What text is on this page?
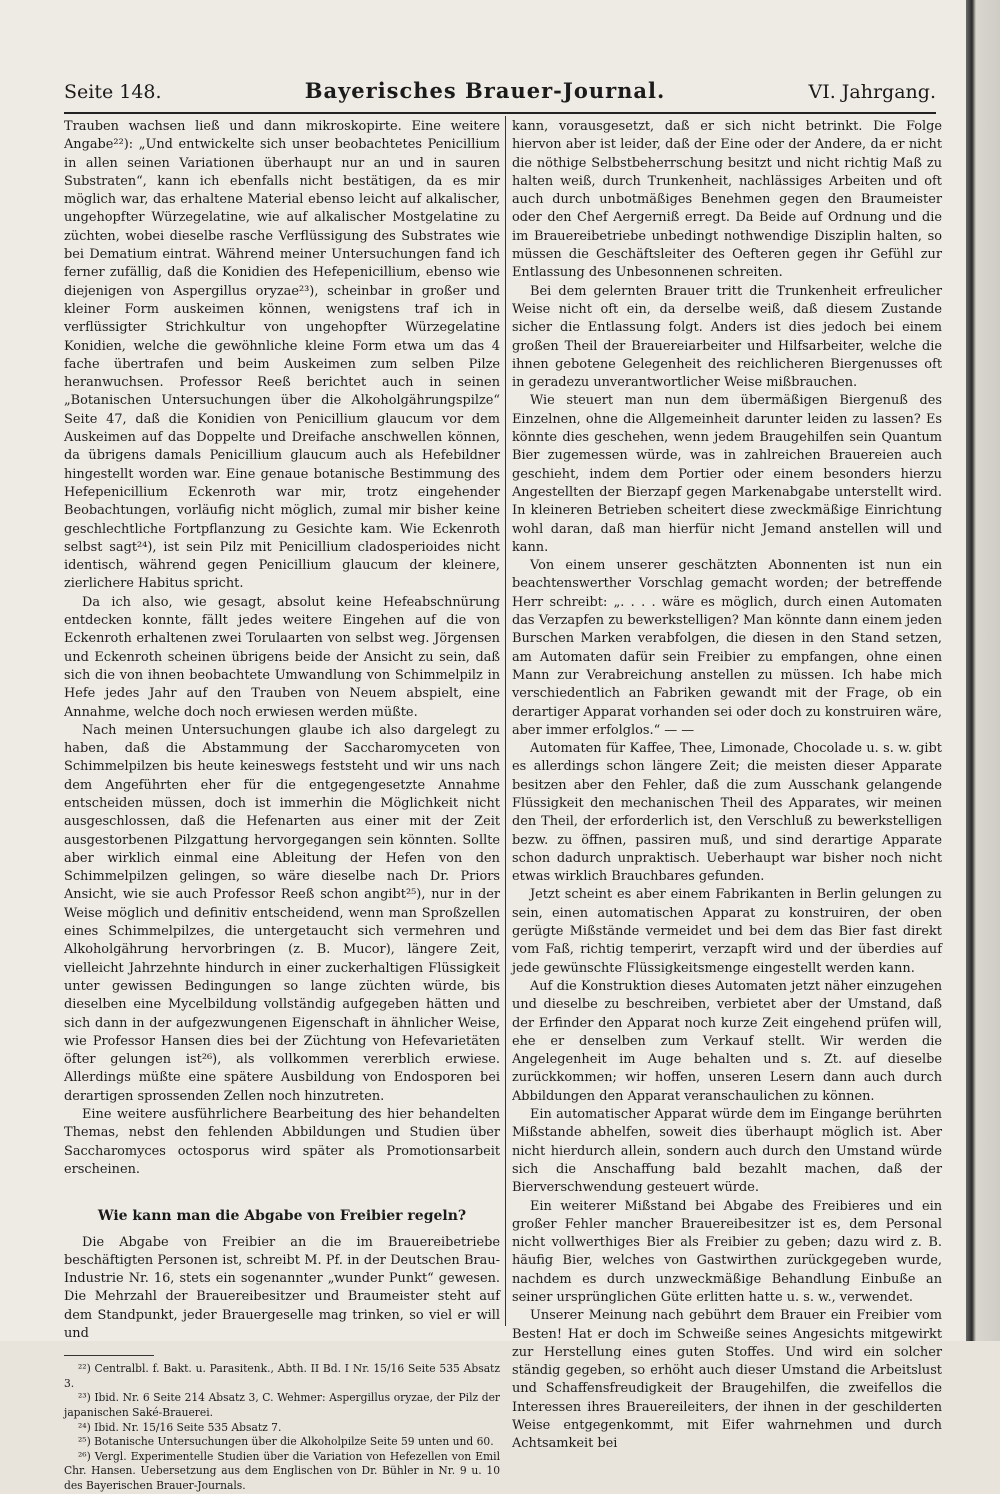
Seite 148.	Bayerisches Brauer-Journal.	VI. Jahrgang.

Trauben wachsen ließ und dann mikroskopirte. Eine weitere Angabe²²): „Und entwickelte sich unser beobachtetes Penicillium in allen seinen Variationen überhaupt nur an und in sauren Substraten“, kann ich ebenfalls nicht bestätigen, da es mir möglich war, das erhaltene Material ebenso leicht auf alkalischer, ungehopfter Würzegelatine, wie auf alkalischer Mostgelatine zu züchten, wobei dieselbe rasche Verflüssigung des Substrates wie bei Dematium eintrat. Während meiner Untersuchungen fand ich ferner zufällig, daß die Konidien des Hefepenicillium, ebenso wie diejenigen von Aspergillus oryzae²³), scheinbar in großer und kleiner Form auskeimen können, wenigstens traf ich in verflüssigter Strichkultur von ungehopfter Würzegelatine Konidien, welche die gewöhnliche kleine Form etwa um das 4 fache übertrafen und beim Auskeimen zum selben Pilze heranwuchsen. Professor Reeß berichtet auch in seinen „Botanischen Untersuchungen über die Alkoholgährungspilze“ Seite 47, daß die Konidien von Penicillium glaucum vor dem Auskeimen auf das Doppelte und Dreifache anschwellen können, da übrigens damals Penicillium glaucum auch als Hefebildner hingestellt worden war. Eine genaue botanische Bestimmung des Hefepenicillium Eckenroth war mir, trotz eingehender Beobachtungen, vorläufig nicht möglich, zumal mir bisher keine geschlechtliche Fortpflanzung zu Gesichte kam. Wie Eckenroth selbst sagt²⁴), ist sein Pilz mit Penicillium cladosperioides nicht identisch, während gegen Penicillium glaucum der kleinere, zierlichere Habitus spricht.

Da ich also, wie gesagt, absolut keine Hefeabschnürung entdecken konnte, fällt jedes weitere Eingehen auf die von Eckenroth erhaltenen zwei Torulaarten von selbst weg. Jörgensen und Eckenroth scheinen übrigens beide der Ansicht zu sein, daß sich die von ihnen beobachtete Umwandlung von Schimmelpilz in Hefe jedes Jahr auf den Trauben von Neuem abspielt, eine Annahme, welche doch noch erwiesen werden müßte.

Nach meinen Untersuchungen glaube ich also dargelegt zu haben, daß die Abstammung der Saccharomyceten von Schimmelpilzen bis heute keineswegs feststeht und wir uns nach dem Angeführten eher für die entgegengesetzte Annahme entscheiden müssen, doch ist immerhin die Möglichkeit nicht ausgeschlossen, daß die Hefenarten aus einer mit der Zeit ausgestorbenen Pilzgattung hervorgegangen sein könnten. Sollte aber wirklich einmal eine Ableitung der Hefen von den Schimmelpilzen gelingen, so wäre dieselbe nach Dr. Priors Ansicht, wie sie auch Professor Reeß schon angibt²⁵), nur in der Weise möglich und definitiv entscheidend, wenn man Sproßzellen eines Schimmelpilzes, die untergetaucht sich vermehren und Alkoholgährung hervorbringen (z. B. Mucor), längere Zeit, vielleicht Jahrzehnte hindurch in einer zuckerhaltigen Flüssigkeit unter gewissen Bedingungen so lange züchten würde, bis dieselben eine Mycelbildung vollständig aufgegeben hätten und sich dann in der aufgezwungenen Eigenschaft in ähnlicher Weise, wie Professor Hansen dies bei der Züchtung von Hefevarietäten öfter gelungen ist²⁶), als vollkommen vererblich erwiese. Allerdings müßte eine spätere Ausbildung von Endosporen bei derartigen sprossenden Zellen noch hinzutreten.

Eine weitere ausführlichere Bearbeitung des hier behandelten Themas, nebst den fehlenden Abbildungen und Studien über Saccharomyces octosporus wird später als Promotionsarbeit erscheinen.

Wie kann man die Abgabe von Freibier regeln?

Die Abgabe von Freibier an die im Brauereibetriebe beschäftigten Personen ist, schreibt M. Pf. in der Deutschen Brau-Industrie Nr. 16, stets ein sogenannter „wunder Punkt“ gewesen. Die Mehrzahl der Brauereibesitzer und Braumeister steht auf dem Standpunkt, jeder Brauergeselle mag trinken, so viel er will und

²²) Centralbl. f. Bakt. u. Parasitenk., Abth. II Bd. I Nr. 15/16 Seite 535 Absatz 3.
²³) Ibid. Nr. 6 Seite 214 Absatz 3, C. Wehmer: Aspergillus oryzae, der Pilz der japanischen Saké-Brauerei.
²⁴) Ibid. Nr. 15/16 Seite 535 Absatz 7.
²⁵) Botanische Untersuchungen über die Alkoholpilze Seite 59 unten und 60.
²⁶) Vergl. Experimentelle Studien über die Variation von Hefezellen von Emil Chr. Hansen. Uebersetzung aus dem Englischen von Dr. Bühler in Nr. 9 u. 10 des Bayerischen Brauer-Journals.

kann, vorausgesetzt, daß er sich nicht betrinkt. Die Folge hiervon aber ist leider, daß der Eine oder der Andere, da er nicht die nöthige Selbstbeherrschung besitzt und nicht richtig Maß zu halten weiß, durch Trunkenheit, nachlässiges Arbeiten und oft auch durch unbotmäßiges Benehmen gegen den Braumeister oder den Chef Aergerniß erregt. Da Beide auf Ordnung und die im Brauereibetriebe unbedingt nothwendige Disziplin halten, so müssen die Geschäftsleiter des Oefteren gegen ihr Gefühl zur Entlassung des Unbesonnenen schreiten.

Bei dem gelernten Brauer tritt die Trunkenheit erfreulicher Weise nicht oft ein, da derselbe weiß, daß diesem Zustande sicher die Entlassung folgt. Anders ist dies jedoch bei einem großen Theil der Brauereiarbeiter und Hilfsarbeiter, welche die ihnen gebotene Gelegenheit des reichlicheren Biergenusses oft in geradezu unverantwortlicher Weise mißbrauchen.

Wie steuert man nun dem übermäßigen Biergenuß des Einzelnen, ohne die Allgemeinheit darunter leiden zu lassen? Es könnte dies geschehen, wenn jedem Braugehilfen sein Quantum Bier zugemessen würde, was in zahlreichen Brauereien auch geschieht, indem dem Portier oder einem besonders hierzu Angestellten der Bierzapf gegen Markenabgabe unterstellt wird. In kleineren Betrieben scheitert diese zweckmäßige Einrichtung wohl daran, daß man hierfür nicht Jemand anstellen will und kann.

Von einem unserer geschätzten Abonnenten ist nun ein beachtenswerther Vorschlag gemacht worden; der betreffende Herr schreibt: „. . . . wäre es möglich, durch einen Automaten das Verzapfen zu bewerkstelligen? Man könnte dann einem jeden Burschen Marken verabfolgen, die diesen in den Stand setzen, am Automaten dafür sein Freibier zu empfangen, ohne einen Mann zur Verabreichung anstellen zu müssen. Ich habe mich verschiedentlich an Fabriken gewandt mit der Frage, ob ein derartiger Apparat vorhanden sei oder doch zu konstruiren wäre, aber immer erfolglos.“ — —

Automaten für Kaffee, Thee, Limonade, Chocolade u. s. w. gibt es allerdings schon längere Zeit; die meisten dieser Apparate besitzen aber den Fehler, daß die zum Ausschank gelangende Flüssigkeit den mechanischen Theil des Apparates, wir meinen den Theil, der erforderlich ist, den Verschluß zu bewerkstelligen bezw. zu öffnen, passiren muß, und sind derartige Apparate schon dadurch unpraktisch. Ueberhaupt war bisher noch nicht etwas wirklich Brauchbares gefunden.

Jetzt scheint es aber einem Fabrikanten in Berlin gelungen zu sein, einen automatischen Apparat zu konstruiren, der oben gerügte Mißstände vermeidet und bei dem das Bier fast direkt vom Faß, richtig temperirt, verzapft wird und der überdies auf jede gewünschte Flüssigkeitsmenge eingestellt werden kann.

Auf die Konstruktion dieses Automaten jetzt näher einzugehen und dieselbe zu beschreiben, verbietet aber der Umstand, daß der Erfinder den Apparat noch kurze Zeit eingehend prüfen will, ehe er denselben zum Verkauf stellt. Wir werden die Angelegenheit im Auge behalten und s. Zt. auf dieselbe zurückkommen; wir hoffen, unseren Lesern dann auch durch Abbildungen den Apparat veranschaulichen zu können.

Ein automatischer Apparat würde dem im Eingange berührten Mißstande abhelfen, soweit dies überhaupt möglich ist. Aber nicht hierdurch allein, sondern auch durch den Umstand würde sich die Anschaffung bald bezahlt machen, daß der Bierverschwendung gesteuert würde.

Ein weiterer Mißstand bei Abgabe des Freibieres und ein großer Fehler mancher Brauereibesitzer ist es, dem Personal nicht vollwerthiges Bier als Freibier zu geben; dazu wird z. B. häufig Bier, welches von Gastwirthen zurückgegeben wurde, nachdem es durch unzweckmäßige Behandlung Einbuße an seiner ursprünglichen Güte erlitten hatte u. s. w., verwendet.

Unserer Meinung nach gebührt dem Brauer ein Freibier vom Besten! Hat er doch im Schweiße seines Angesichts mitgewirkt zur Herstellung eines guten Stoffes. Und wird ein solcher ständig gegeben, so erhöht auch dieser Umstand die Arbeitslust und Schaffensfreudigkeit der Braugehilfen, die zweifellos die Interessen ihres Brauereileiters, der ihnen in der geschilderten Weise entgegenkommt, mit Eifer wahrnehmen und durch Achtsamkeit bei
